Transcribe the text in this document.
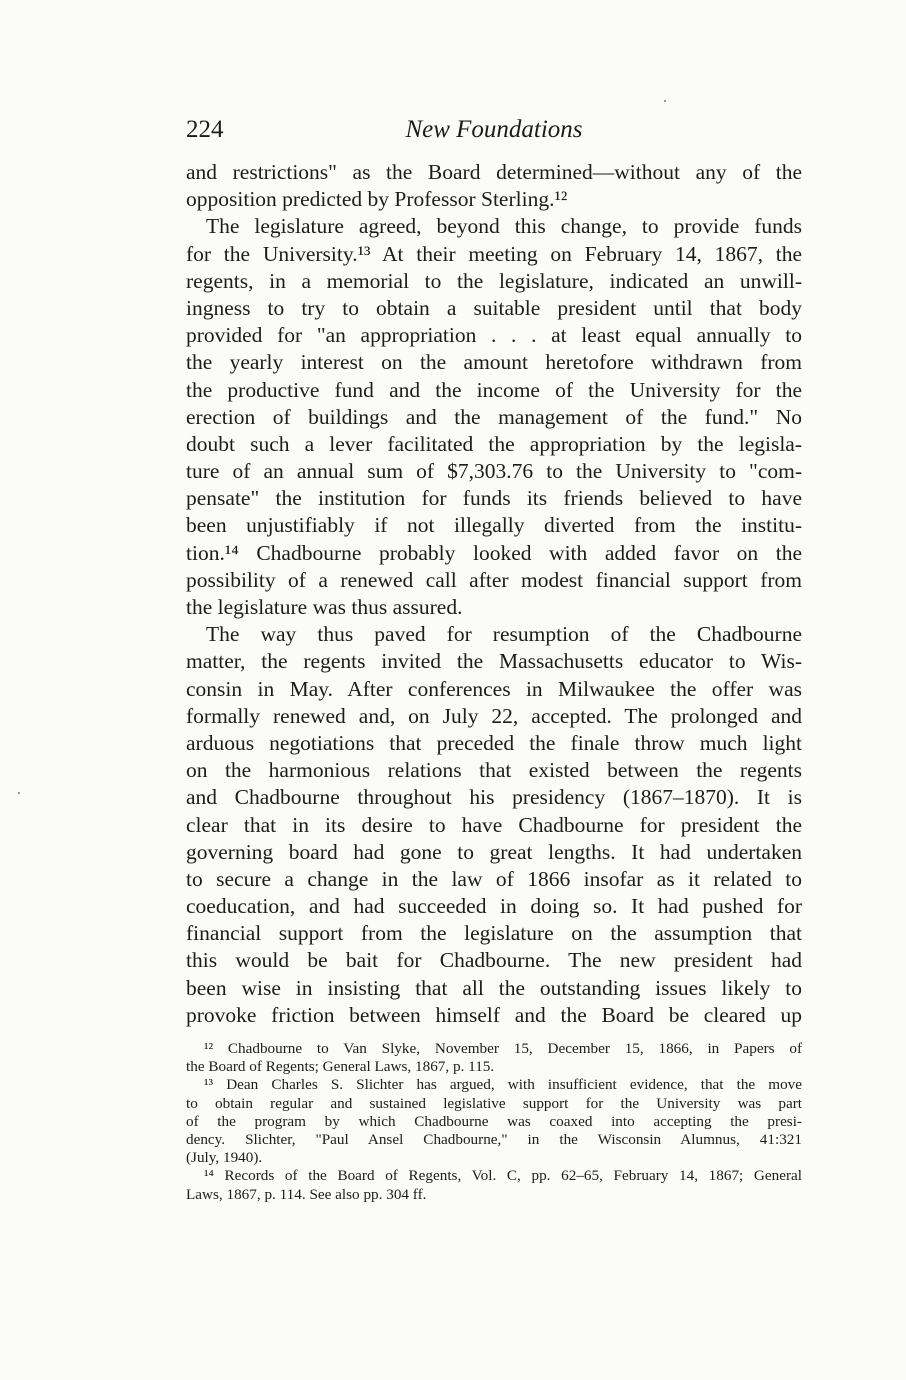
224	New Foundations
and restrictions" as the Board determined—without any of the
opposition predicted by Professor Sterling.¹²
The legislature agreed, beyond this change, to provide funds
for the University.¹³ At their meeting on February 14, 1867, the
regents, in a memorial to the legislature, indicated an unwill-
ingness to try to obtain a suitable president until that body
provided for "an appropriation . . . at least equal annually to
the yearly interest on the amount heretofore withdrawn from
the productive fund and the income of the University for the
erection of buildings and the management of the fund." No
doubt such a lever facilitated the appropriation by the legisla-
ture of an annual sum of $7,303.76 to the University to "com-
pensate" the institution for funds its friends believed to have
been unjustifiably if not illegally diverted from the institu-
tion.¹⁴ Chadbourne probably looked with added favor on the
possibility of a renewed call after modest financial support from
the legislature was thus assured.
The way thus paved for resumption of the Chadbourne
matter, the regents invited the Massachusetts educator to Wis-
consin in May. After conferences in Milwaukee the offer was
formally renewed and, on July 22, accepted. The prolonged and
arduous negotiations that preceded the finale throw much light
on the harmonious relations that existed between the regents
and Chadbourne throughout his presidency (1867–1870). It is
clear that in its desire to have Chadbourne for president the
governing board had gone to great lengths. It had undertaken
to secure a change in the law of 1866 insofar as it related to
coeducation, and had succeeded in doing so. It had pushed for
financial support from the legislature on the assumption that
this would be bait for Chadbourne. The new president had
been wise in insisting that all the outstanding issues likely to
provoke friction between himself and the Board be cleared up
¹² Chadbourne to Van Slyke, November 15, December 15, 1866, in Papers of
the Board of Regents; General Laws, 1867, p. 115.
¹³ Dean Charles S. Slichter has argued, with insufficient evidence, that the move
to obtain regular and sustained legislative support for the University was part
of the program by which Chadbourne was coaxed into accepting the presi-
dency. Slichter, "Paul Ansel Chadbourne," in the Wisconsin Alumnus, 41:321
(July, 1940).
¹⁴ Records of the Board of Regents, Vol. C, pp. 62–65, February 14, 1867; General
Laws, 1867, p. 114. See also pp. 304 ff.
